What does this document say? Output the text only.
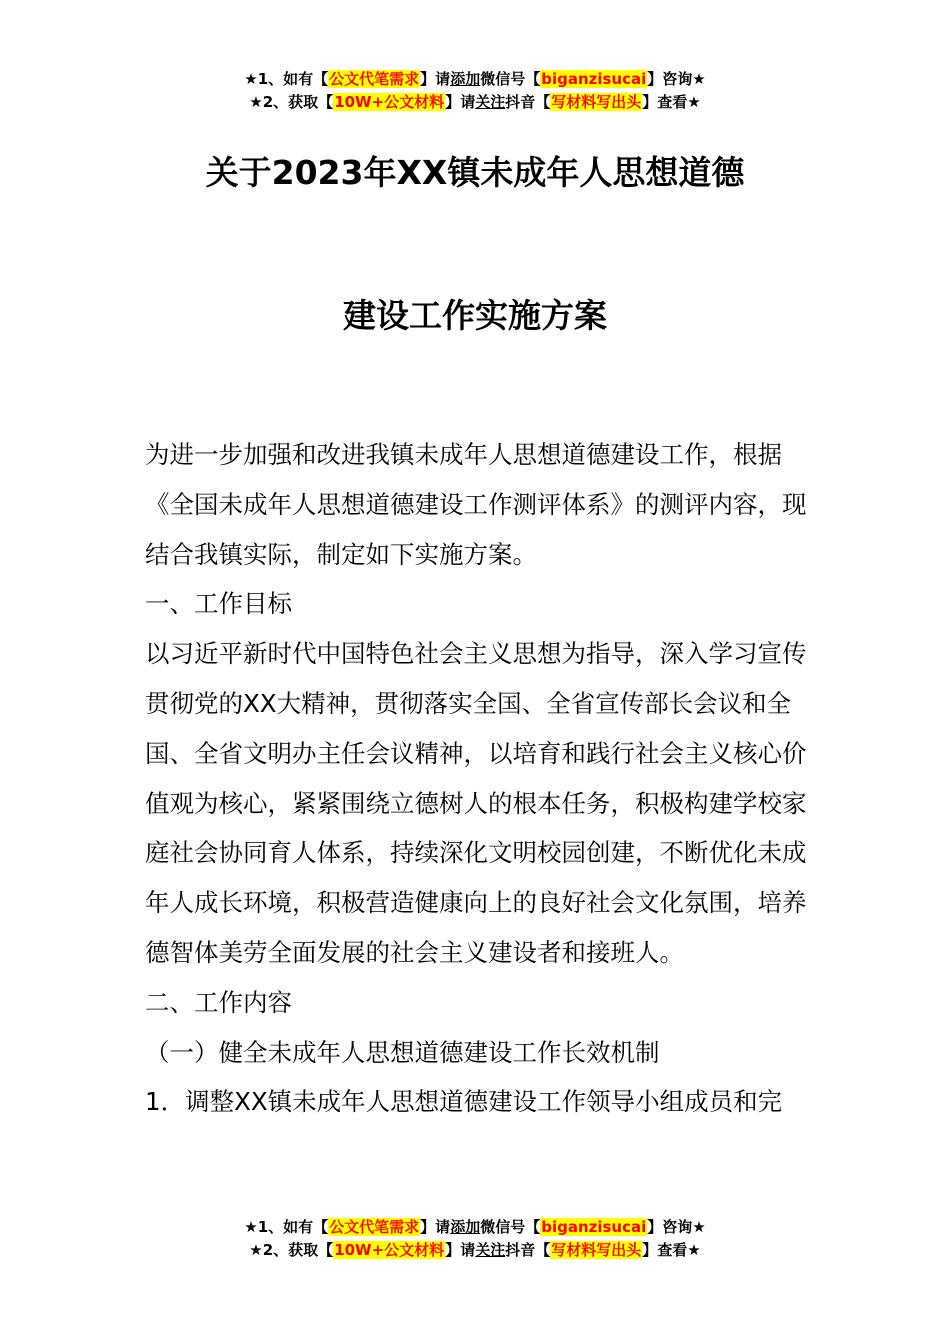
★1、如有【公文代笔需求】请添加微信号【biganzisucai】咨询★
★2、获取【10W+公文材料】请关注抖音【写材料写出头】查看★
关于2023年XX镇未成年人思想道德
建设工作实施方案

为进一步加强和改进我镇未成年人思想道德建设工作，根据《全国未成年人思想道德建设工作测评体系》的测评内容，现结合我镇实际，制定如下实施方案。

一、工作目标

以习近平新时代中国特色社会主义思想为指导，深入学习宣传贯彻党的XX大精神，贯彻落实全国、全省宣传部长会议和全国、全省文明办主任会议精神，以培育和践行社会主义核心价值观为核心，紧紧围绕立德树人的根本任务，积极构建学校家庭社会协同育人体系，持续深化文明校园创建，不断优化未成年人成长环境，积极营造健康向上的良好社会文化氛围，培养德智体美劳全面发展的社会主义建设者和接班人。

二、工作内容

（一）健全未成年人思想道德建设工作长效机制

1．调整XX镇未成年人思想道德建设工作领导小组成员和完

★1、如有【公文代笔需求】请添加微信号【biganzisucai】咨询★
★2、获取【10W+公文材料】请关注抖音【写材料写出头】查看★
